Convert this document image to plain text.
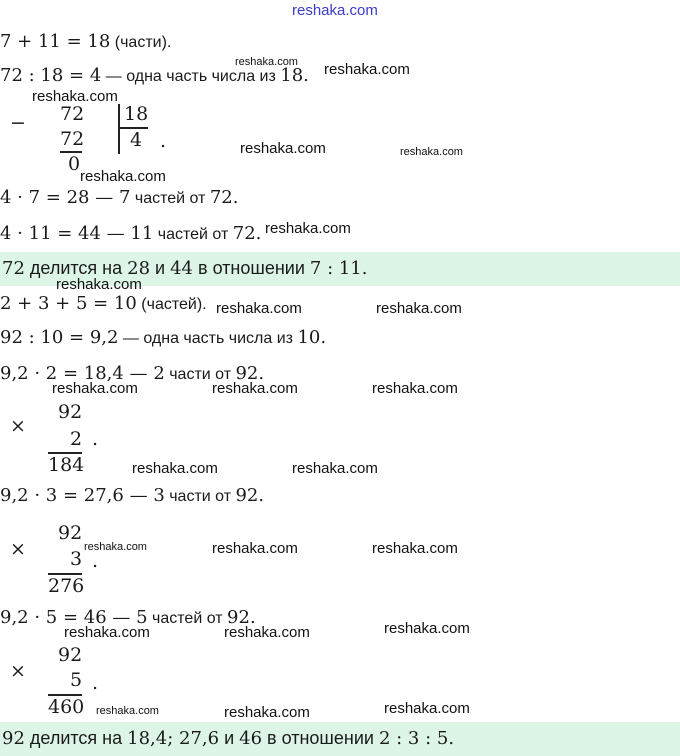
reshaka.com
7 + 11 = 18 (части).
72 : 18 = 4 — одна часть числа из 18.
− 72
72
0
18
4 .
4 · 7 = 28 — 7 частей от 72.
4 · 11 = 44 — 11 частей от 72.
72 делится на 28 и 44 в отношении 7 : 11.
2 + 3 + 5 = 10 (частей).
92 : 10 = 9,2 — одна часть числа из 10.
9,2 · 2 = 18,4 — 2 части от 92.
×
92
2
184
.
9,2 · 3 = 27,6 — 3 части от 92.
×
92
3
276
.
9,2 · 5 = 46 — 5 частей от 92.
×
92
5
460
.
92 делится на 18,4; 27,6 и 46 в отношении 2 : 3 : 5.
reshaka.com reshaka.com
reshaka.com
reshaka.com	reshaka.com
reshaka.com
reshaka.com
reshaka.com
reshaka.com	reshaka.com
reshaka.com	reshaka.com	reshaka.com
reshaka.com	reshaka.com
reshaka.com	reshaka.com	reshaka.com
reshaka.com	reshaka.com	reshaka.com
reshaka.com	reshaka.com	reshaka.com
